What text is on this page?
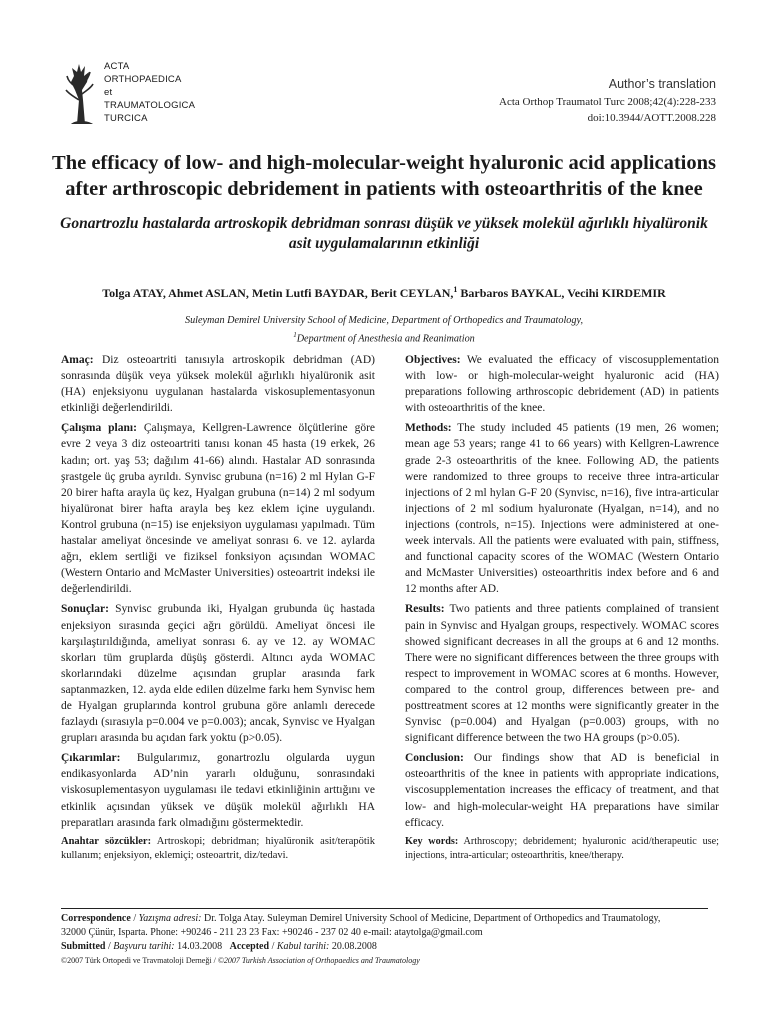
ACTA
ORTHOPAEDICA
et
TRAUMATOLOGICA
TURCICA
Author’s translation
Acta Orthop Traumatol Turc 2008;42(4):228-233
doi:10.3944/AOTT.2008.228
The efficacy of low- and high-molecular-weight hyaluronic acid applications after arthroscopic debridement in patients with osteoarthritis of the knee
Gonartrozlu hastalarda artroskopik debridman sonrası düşük ve yüksek molekül ağırlıklı hiyalüronik asit uygulamalarının etkinliği
Tolga ATAY, Ahmet ASLAN, Metin Lutfi BAYDAR, Berit CEYLAN,$^1$ Barbaros BAYKAL, Vecihi KIRDEMIR
Suleyman Demirel University School of Medicine, Department of Orthopedics and Traumatology,
$^1$Department of Anesthesia and Reanimation

Amaç: Diz osteoartriti tanısıyla artroskopik debridman (AD) sonrasında düşük veya yüksek molekül ağırlıklı hiyalüronik asit (HA) enjeksiyonu uygulanan hastalarda viskosuplementasyonun etkinliği değerlendirildi.

Çalışma planı: Çalışmaya, Kellgren-Lawrence ölçütlerine göre evre 2 veya 3 diz osteoartriti tanısı konan 45 hasta (19 erkek, 26 kadın; ort. yaş 53; dağılım 41-66) alındı. Hastalar AD sonrasında şrastgele üç gruba ayrıldı. Synvisc grubuna (n=16) 2 ml Hylan G-F 20 birer hafta arayla üç kez, Hyalgan grubuna (n=14) 2 ml sodyum hiyalüronat birer hafta arayla beş kez eklem içine uygulandı. Kontrol grubuna (n=15) ise enjeksiyon uygulaması yapılmadı. Tüm hastalar ameliyat öncesinde ve ameliyat sonrası 6. ve 12. aylarda ağrı, eklem sertliği ve fiziksel fonksiyon açısından WOMAC (Western Ontario and McMaster Universities) osteoartrit indeksi ile değerlendirildi.

Sonuçlar: Synvisc grubunda iki, Hyalgan grubunda üç hastada enjeksiyon sırasında geçici ağrı görüldü. Ameliyat öncesi ile karşılaştırıldığında, ameliyat sonrası 6. ay ve 12. ay WOMAC skorları tüm gruplarda düşüş gösterdi. Altıncı ayda WOMAC skorlarındaki düzelme açısından gruplar arasında fark saptanmazken, 12. ayda elde edilen düzelme farkı hem Synvisc hem de Hyalgan gruplarında kontrol grubuna göre anlamlı derecede fazlaydı (sırasıyla p=0.004 ve p=0.003); ancak, Synvisc ve Hyalgan grupları arasında bu açıdan fark yoktu (p>0.05).

Çıkarımlar: Bulgularımız, gonartrozlu olgularda uygun endikasyonlarda AD’nin yararlı olduğunu, sonrasındaki viskosuplementasyon uygulaması ile tedavi etkinliğinin arttığını ve etkinlik açısından yüksek ve düşük molekül ağırlıklı HA preparatları arasında fark olmadığını göstermektedir.

Anahtar sözcükler: Artroskopi; debridman; hiyalüronik asit/terapötik kullanım; enjeksiyon, eklemiçi; osteoartrit, diz/tedavi.

Objectives: We evaluated the efficacy of viscosupplementation with low- or high-molecular-weight hyaluronic acid (HA) preparations following arthroscopic debridement (AD) in patients with osteoarthritis of the knee.

Methods: The study included 45 patients (19 men, 26 women; mean age 53 years; range 41 to 66 years) with Kellgren-Lawrence grade 2-3 osteoarthritis of the knee. Following AD, the patients were randomized to three groups to receive three intra-articular injections of 2 ml hylan G-F 20 (Synvisc, n=16), five intra-articular injections of 2 ml sodium hyaluronate (Hyalgan, n=14), and no injections (controls, n=15). Injections were administered at one-week intervals. All the patients were evaluated with pain, stiffness, and functional capacity scores of the WOMAC (Western Ontario and McMaster Universities) osteoarthritis index before and 6 and 12 months after AD.

Results: Two patients and three patients complained of transient pain in Synvisc and Hyalgan groups, respectively. WOMAC scores showed significant decreases in all the groups at 6 and 12 months. There were no significant differences between the three groups with respect to improvement in WOMAC scores at 6 months. However, compared to the control group, differences between pre- and posttreatment scores at 12 months were significantly greater in the Synvisc (p=0.004) and Hyalgan (p=0.003) groups, with no significant difference between the two HA groups (p>0.05).

Conclusion: Our findings show that AD is beneficial in osteoarthritis of the knee in patients with appropriate indications, viscosupplementation increases the efficacy of treatment, and that low- and high-molecular-weight HA preparations have similar efficacy.

Key words: Arthroscopy; debridement; hyaluronic acid/therapeutic use; injections, intra-articular; osteoarthritis, knee/therapy.

Correspondence / Yazışma adresi: Dr. Tolga Atay. Suleyman Demirel University School of Medicine, Department of Orthopedics and Traumatology,
32000 Çünür, Isparta. Phone: +90246 - 211 23 23 Fax: +90246 - 237 02 40 e-mail: ataytolga@gmail.com
Submitted / Başvuru tarihi: 14.03.2008 Accepted / Kabul tarihi: 20.08.2008
©2007 Türk Ortopedi ve Travmatoloji Derneği / ©2007 Turkish Association of Orthopaedics and Traumatology
